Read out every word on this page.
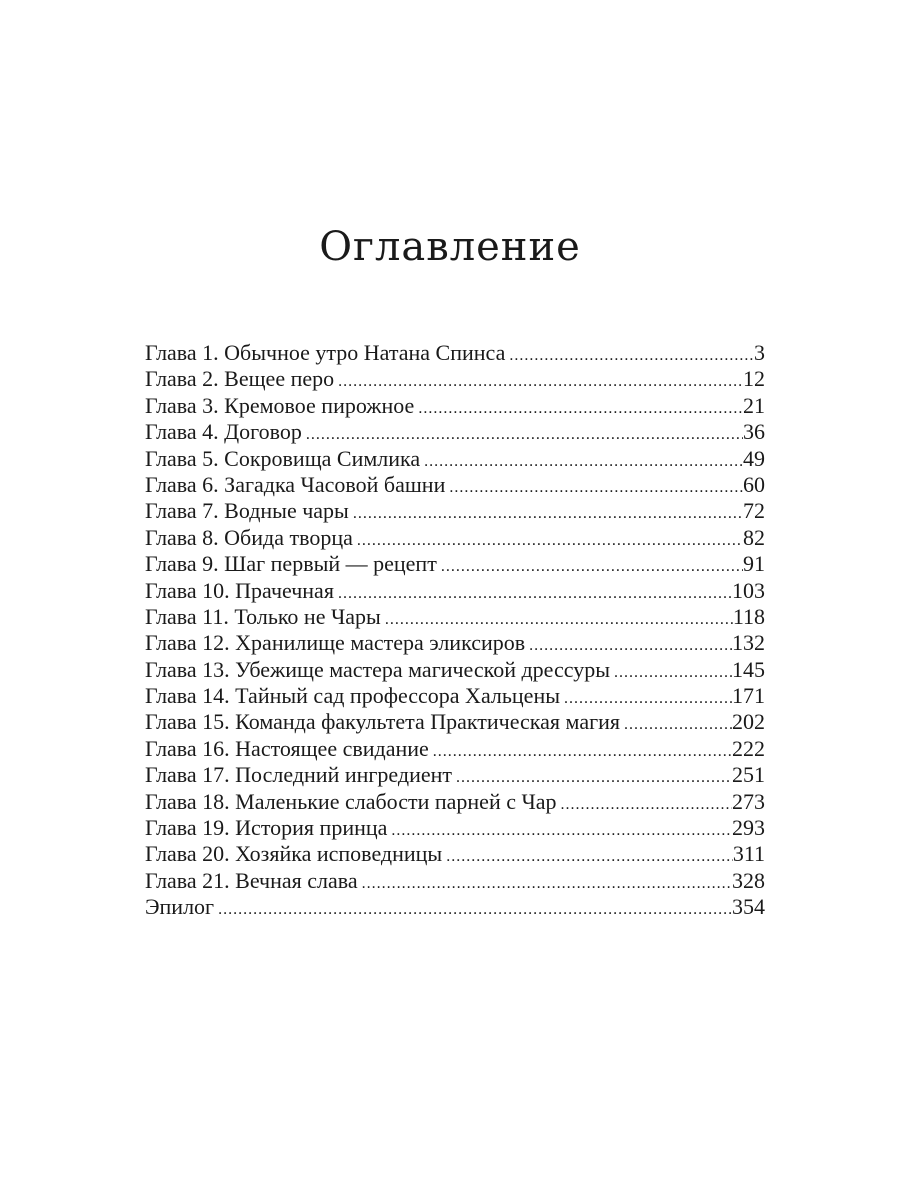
Оглавление
Глава 1. Обычное утро Натана Спинса .....	3
Глава 2. Вещее перо .....	12
Глава 3. Кремовое пирожное .....	21
Глава 4. Договор .....	36
Глава 5. Сокровища Симлика .....	49
Глава 6. Загадка Часовой башни .....	60
Глава 7. Водные чары .....	72
Глава 8. Обида творца .....	82
Глава 9. Шаг первый — рецепт .....	91
Глава 10. Прачечная .....	103
Глава 11. Только не Чары .....	118
Глава 12. Хранилище мастера эликсиров .....	132
Глава 13. Убежище мастера магической дрессуры .....	145
Глава 14. Тайный сад профессора Хальцены .....	171
Глава 15. Команда факультета Практическая магия .....	202
Глава 16. Настоящее свидание .....	222
Глава 17. Последний ингредиент .....	251
Глава 18. Маленькие слабости парней с Чар .....	273
Глава 19. История принца .....	293
Глава 20. Хозяйка исповедницы .....	311
Глава 21. Вечная слава .....	328
Эпилог .....	354
